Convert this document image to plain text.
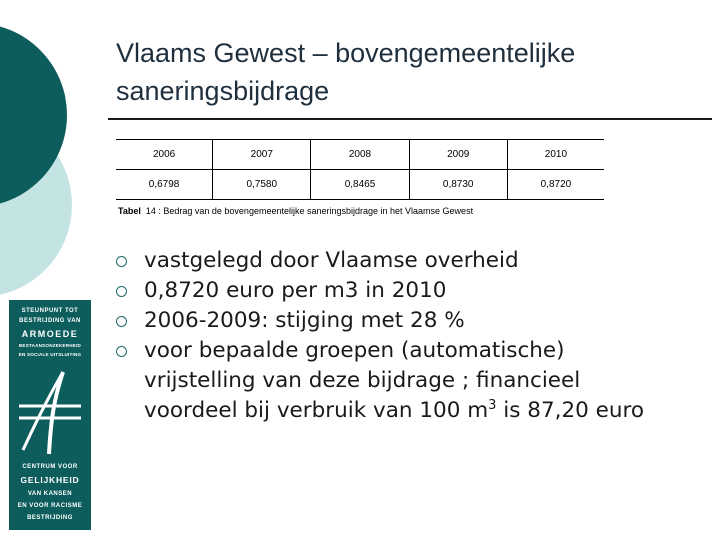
Vlaams Gewest – bovengemeentelijke
saneringsbijdrage
2006	2007	2008	2009	2010
0,6798	0,7580	0,8465	0,8730	0,8720
Tabel 14 : Bedrag van de bovengemeentelijke saneringsbijdrage in het Vlaamse Gewest
vastgelegd door Vlaamse overheid
0,8720 euro per m3 in 2010
2006-2009: stijging met 28 %
voor bepaalde groepen (automatische) vrijstelling van deze bijdrage ; financieel voordeel bij verbruik van 100 $m^3$ is 87,20 euro
STEUNPUNT TOT
BESTRIJDING VAN
ARMOEDE
BESTAANSONZEKERHEID
EN SOCIALE UITSLUITING
CENTRUM VOOR
GELIJKHEID
VAN KANSEN
EN VOOR RACISME
BESTRIJDING
